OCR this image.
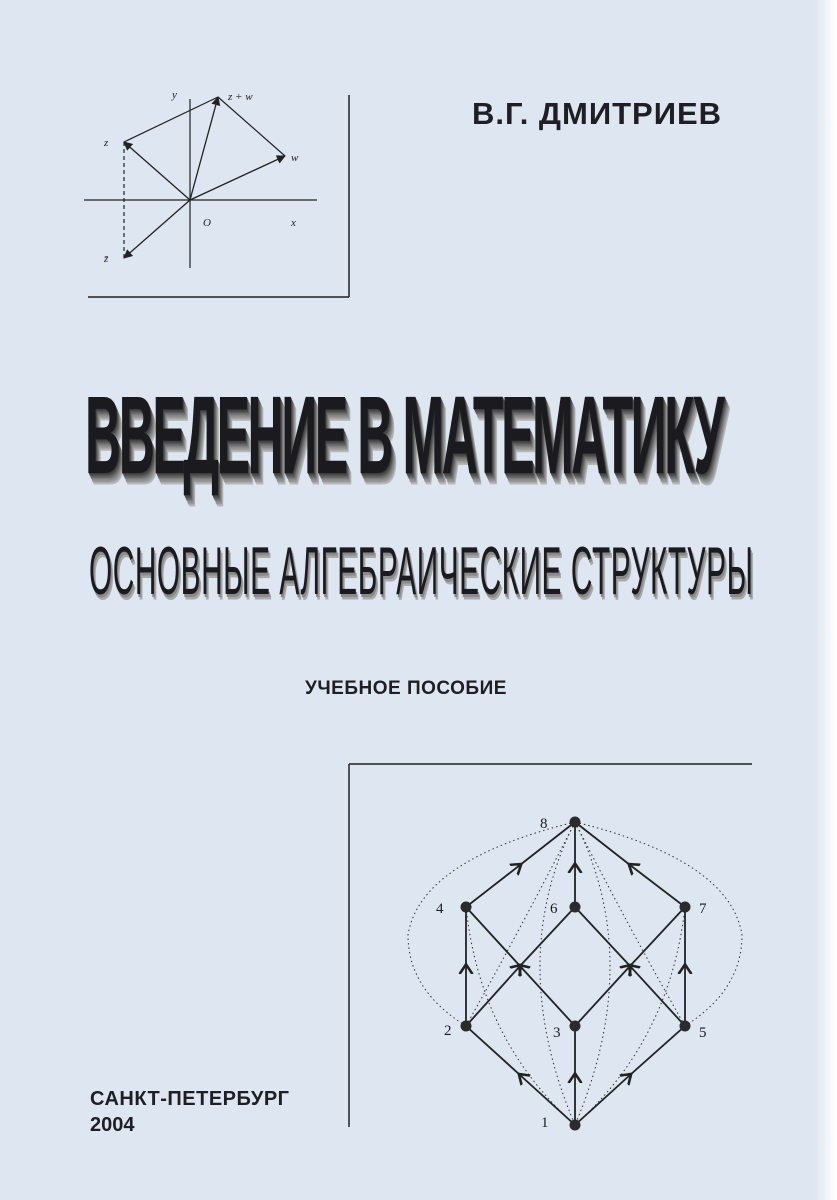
y	z + w
z
w
O	x
z̄
1
2	3
4
5
6	7
8
В.Г. ДМИТРИЕВ
ВВЕДЕНИЕ В МАТЕМАТИКУ
ОСНОВНЫЕ АЛГЕБРАИЧЕСКИЕ СТРУКТУРЫ
УЧЕБНОЕ ПОСОБИЕ
САНКТ-ПЕТЕРБУРГ
2004
